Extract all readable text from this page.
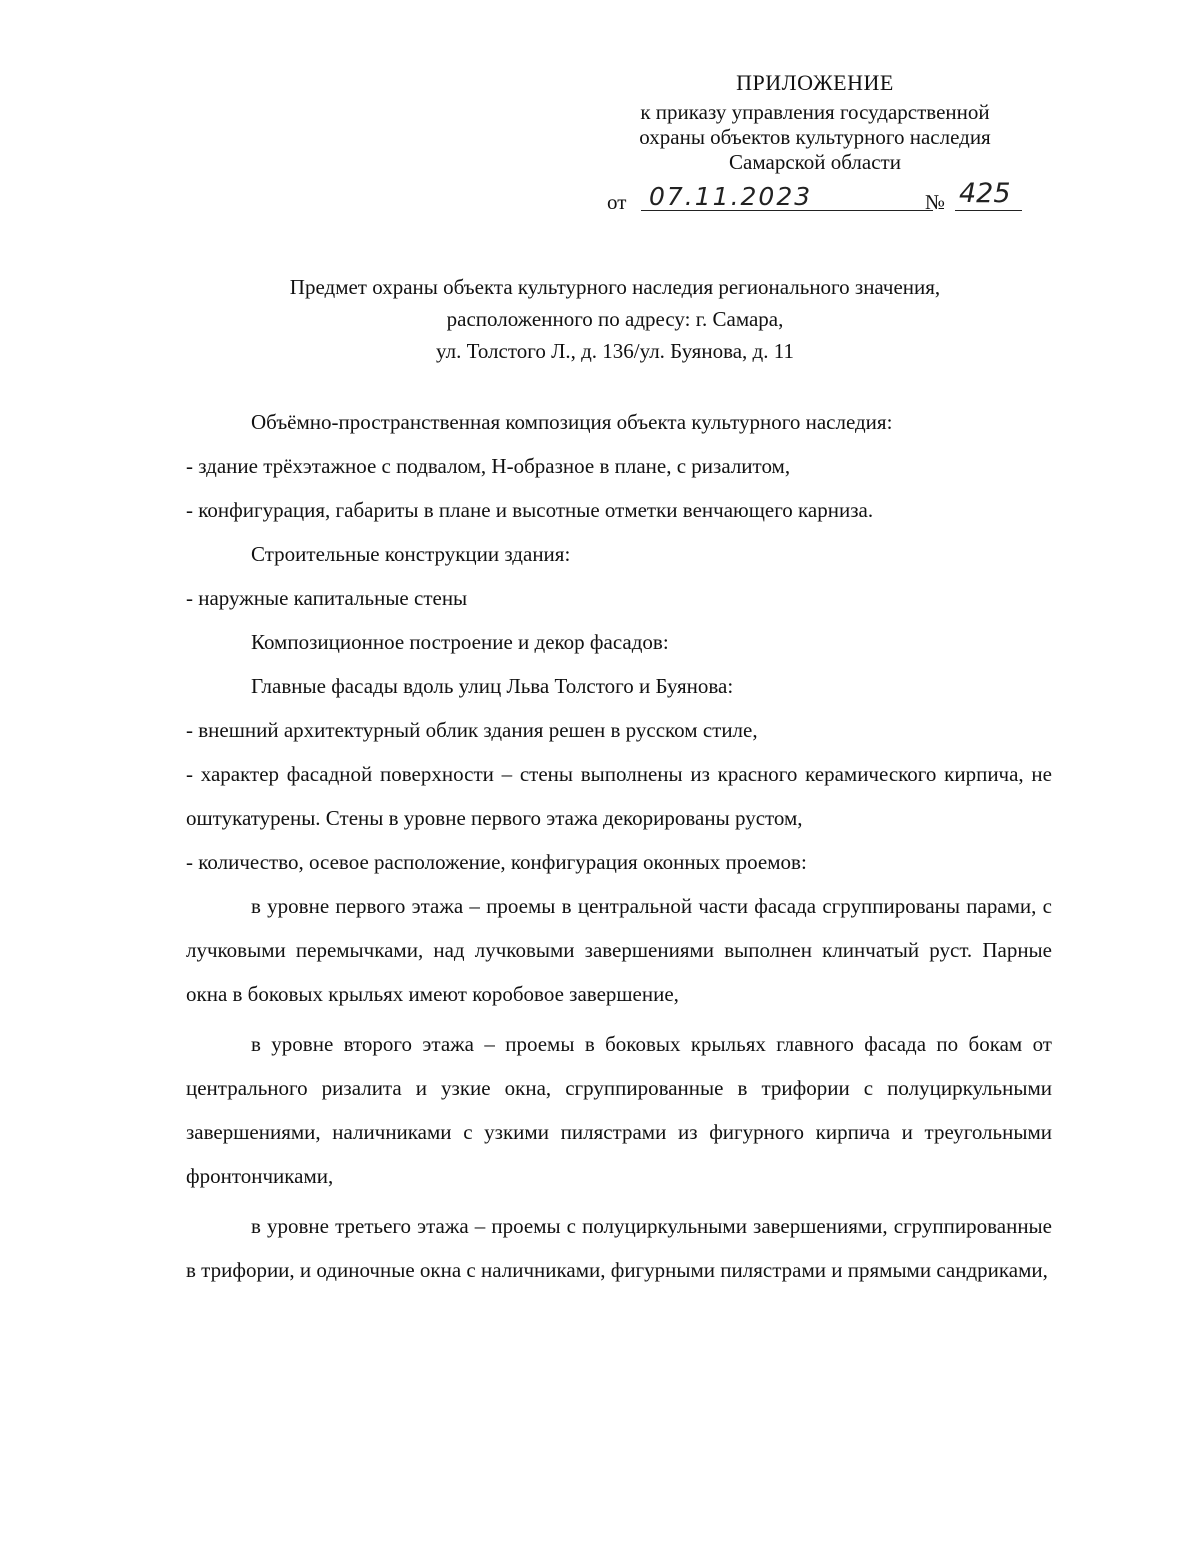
ПРИЛОЖЕНИЕ
к приказу управления государственной
охраны объектов культурного наследия
Самарской области
от 07.11.2023	№ 425
Предмет охраны объекта культурного наследия регионального значения,
расположенного по адресу: г. Самара,
ул. Толстого Л., д. 136/ул. Буянова, д. 11

Объёмно-пространственная композиция объекта культурного наследия:

- здание трёхэтажное с подвалом, Н-образное в плане, с ризалитом,

- конфигурация, габариты в плане и высотные отметки венчающего карниза.

Строительные конструкции здания:

- наружные капитальные стены

Композиционное построение и декор фасадов:

Главные фасады вдоль улиц Льва Толстого и Буянова:

- внешний архитектурный облик здания решен в русском стиле,

- характер фасадной поверхности – стены выполнены из красного керамического кирпича, не оштукатурены. Стены в уровне первого этажа декорированы рустом,

- количество, осевое расположение, конфигурация оконных проемов:

в уровне первого этажа – проемы в центральной части фасада сгруппированы парами, с лучковыми перемычками, над лучковыми завершениями выполнен клинчатый руст. Парные окна в боковых крыльях имеют коробовое завершение,

в уровне второго этажа – проемы в боковых крыльях главного фасада по бокам от центрального ризалита и узкие окна, сгруппированные в трифории с полуциркульными завершениями, наличниками с узкими пилястрами из фигурного кирпича и треугольными фронтончиками,

в уровне третьего этажа – проемы с полуциркульными завершениями, сгруппированные в трифории, и одиночные окна с наличниками, фигурными пилястрами и прямыми сандриками,
